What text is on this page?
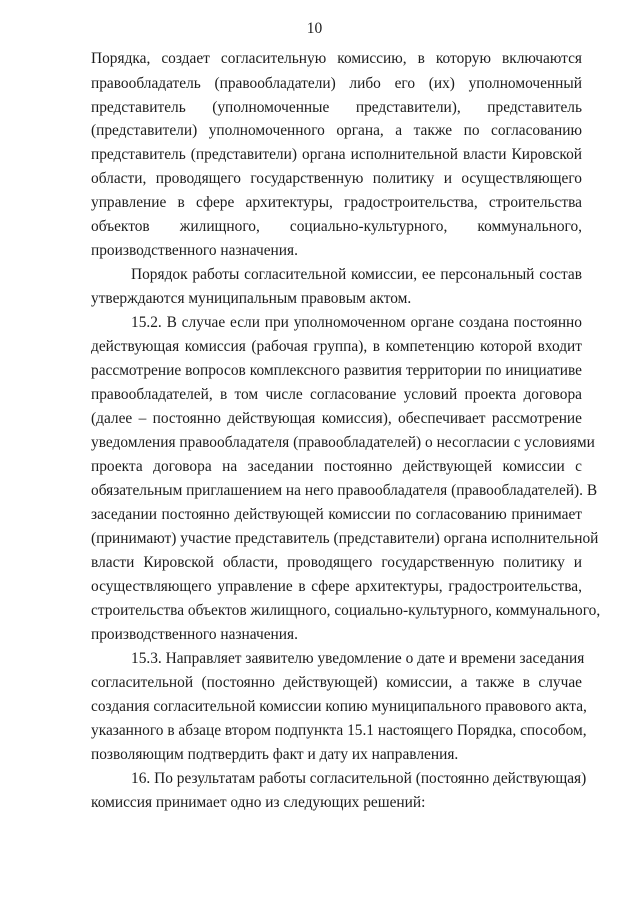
10
Порядка, создает согласительную комиссию, в которую включаются
правообладатель (правообладатели) либо его (их) уполномоченный
представитель (уполномоченные представители), представитель
(представители) уполномоченного органа, а также по согласованию
представитель (представители) органа исполнительной власти Кировской
области, проводящего государственную политику и осуществляющего
управление в сфере архитектуры, градостроительства, строительства
объектов жилищного, социально-культурного, коммунального,
производственного назначения.
Порядок работы согласительной комиссии, ее персональный состав
утверждаются муниципальным правовым актом.
15.2. В случае если при уполномоченном органе создана постоянно
действующая комиссия (рабочая группа), в компетенцию которой входит
рассмотрение вопросов комплексного развития территории по инициативе
правообладателей, в том числе согласование условий проекта договора
(далее – постоянно действующая комиссия), обеспечивает рассмотрение
уведомления правообладателя (правообладателей) о несогласии с условиями
проекта договора на заседании постоянно действующей комиссии с
обязательным приглашением на него правообладателя (правообладателей). В
заседании постоянно действующей комиссии по согласованию принимает
(принимают) участие представитель (представители) органа исполнительной
власти Кировской области, проводящего государственную политику и
осуществляющего управление в сфере архитектуры, градостроительства,
строительства объектов жилищного, социально-культурного, коммунального,
производственного назначения.
15.3. Направляет заявителю уведомление о дате и времени заседания
согласительной (постоянно действующей) комиссии, а также в случае
создания согласительной комиссии копию муниципального правового акта,
указанного в абзаце втором подпункта 15.1 настоящего Порядка, способом,
позволяющим подтвердить факт и дату их направления.
16. По результатам работы согласительной (постоянно действующая)
комиссия принимает одно из следующих решений:
